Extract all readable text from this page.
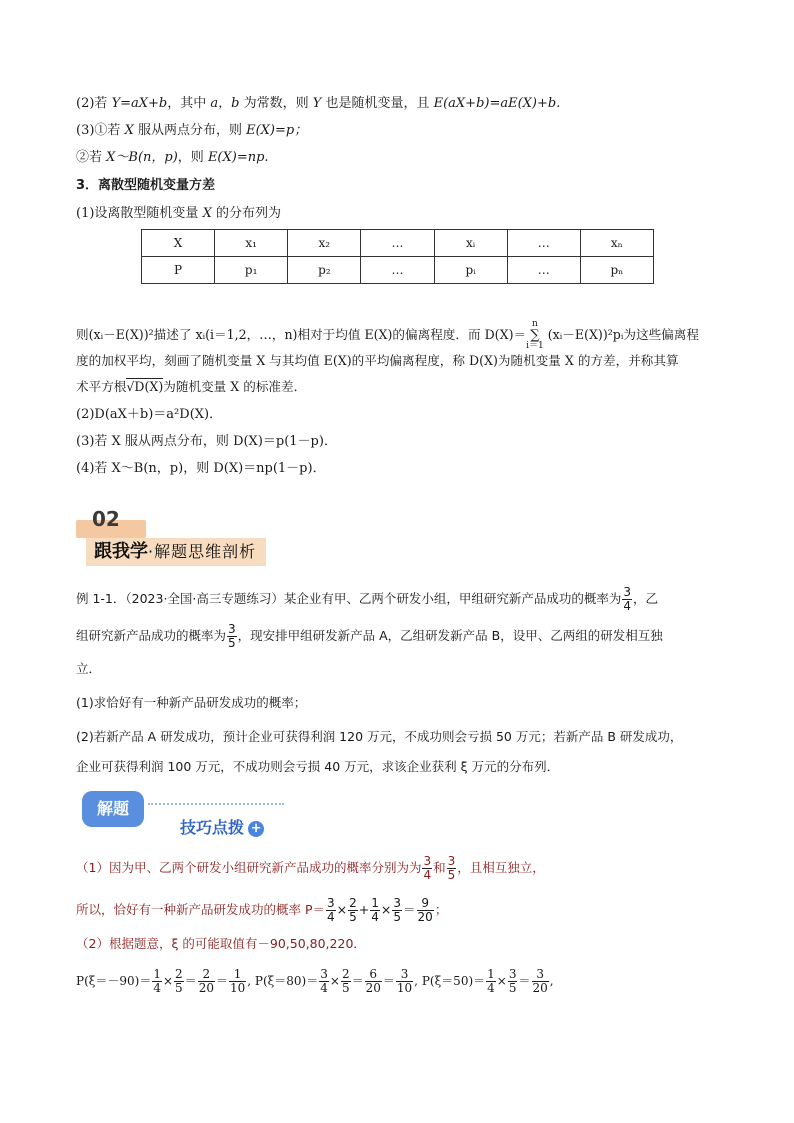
(2)若 Y=aX+b，其中 a，b 为常数，则 Y 也是随机变量，且 E(aX+b)=aE(X)+b.
(3)①若 X 服从两点分布，则 E(X)=p；
②若 X～B(n，p)，则 E(X)=np.
3．离散型随机变量方差
(1)设离散型随机变量 X 的分布列为
X	x₁	x₂	…	xᵢ	…	xₙ
P	p₁	p₂	…	pᵢ	…	pₙ
则(xᵢ－E(X))²描述了 xᵢ(i＝1,2，…，n)相对于均值 E(X)的偏离程度．而 D(X)＝
n
∑
i＝1
(xᵢ－E(X))²pᵢ为这些偏离程
度的加权平均，刻画了随机变量 X 与其均值 E(X)的平均偏离程度，称 D(X)为随机变量 X 的方差，并称其算
术平方根√D(X)为随机变量 X 的标准差．
(2)D(aX＋b)＝a²D(X)．
(3)若 X 服从两点分布，则 D(X)＝p(1－p)．
(4)若 X～B(n，p)，则 D(X)＝np(1－p)．
02
跟我学·解题思维剖析
例 1-1．（2023·全国·高三专题练习）某企业有甲、乙两个研发小组，甲组研究新产品成功的概率为 $\frac{3}{4}$ ，乙
组研究新产品成功的概率为 $\frac{3}{5}$ ，现安排甲组研发新产品 A，乙组研发新产品 B，设甲、乙两组的研发相互独
立．
(1)求恰好有一种新产品研发成功的概率；
(2)若新产品 A 研发成功，预计企业可获得利润 120 万元，不成功则会亏损 50 万元；若新产品 B 研发成功，
企业可获得利润 100 万元，不成功则会亏损 40 万元，求该企业获利 ξ 万元的分布列．
解题
技巧点拨 +
（1）因为甲、乙两个研发小组研究新产品成功的概率分别为为 $\frac{3}{4}$ 和 $\frac{3}{5}$ ，且相互独立，
所以，恰好有一种新产品研发成功的概率 $P= \frac{3}{4} \times \frac{2}{5} + \frac{1}{4} \times \frac{3}{5} = \frac{9}{20}$ ；
（2）根据题意，ξ 的可能取值有－90,50,80,220．
$P(\xi=-90)= \frac{1}{4} \times \frac{2}{5} = \frac{2}{20} = \frac{1}{10}$ , $P(\xi=80)= \frac{3}{4} \times \frac{2}{5} = \frac{6}{20} = \frac{3}{10}$ , $P(\xi=50)= \frac{1}{4} \times \frac{3}{5} = \frac{3}{20}$ ,
